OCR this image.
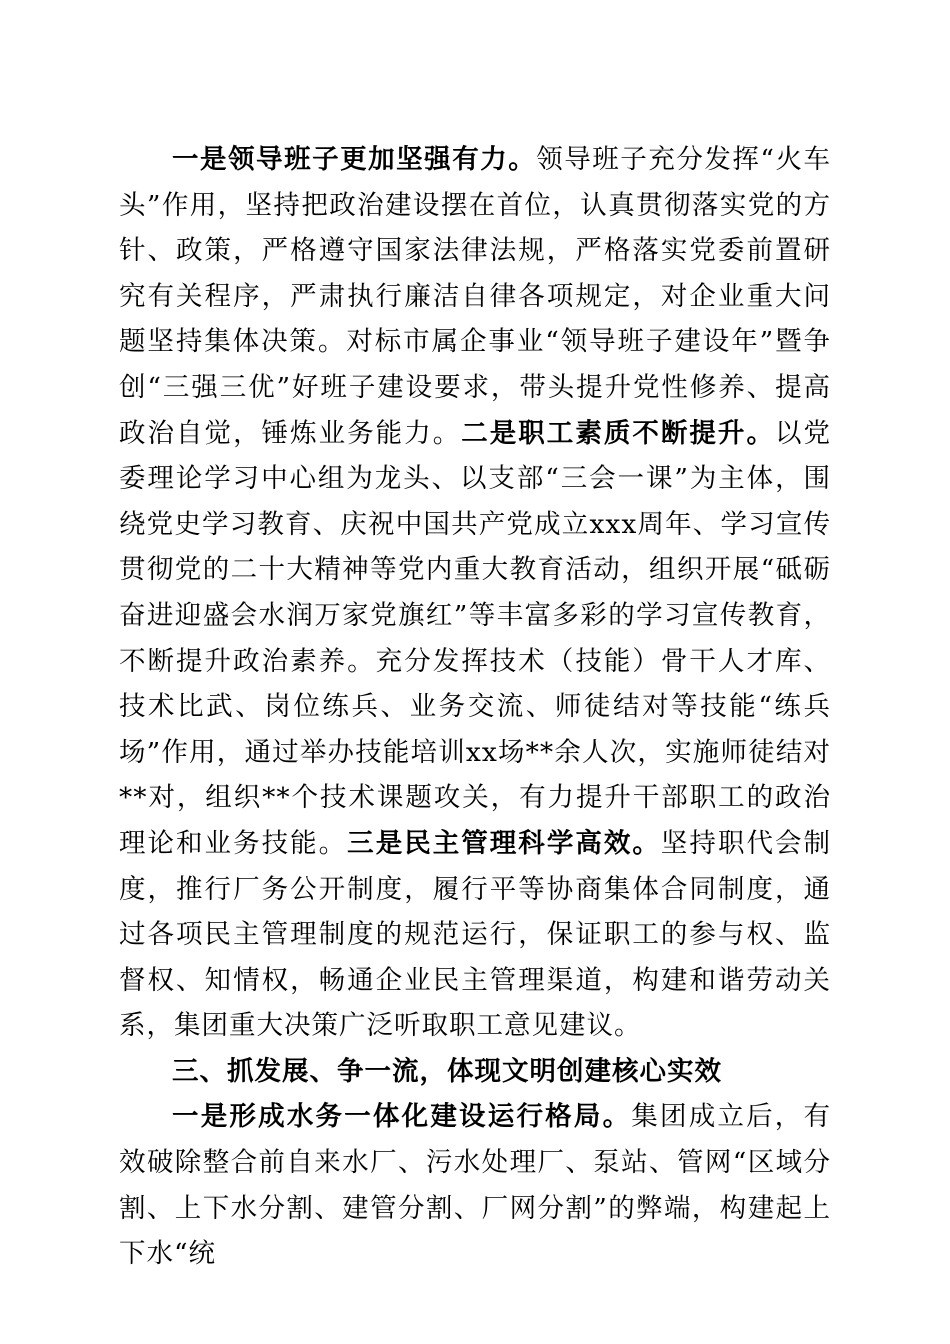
一是领导班子更加坚强有力。领导班子充分发挥“火车头”作用，坚持把政治建设摆在首位，认真贯彻落实党的方针、政策，严格遵守国家法律法规，严格落实党委前置研究有关程序，严肃执行廉洁自律各项规定，对企业重大问题坚持集体决策。对标市属企事业“领导班子建设年”暨争创“三强三优”好班子建设要求，带头提升党性修养、提高政治自觉，锤炼业务能力。二是职工素质不断提升。以党委理论学习中心组为龙头、以支部“三会一课”为主体，围绕党史学习教育、庆祝中国共产党成立xxx周年、学习宣传贯彻党的二十大精神等党内重大教育活动，组织开展“砥砺奋进迎盛会水润万家党旗红”等丰富多彩的学习宣传教育，不断提升政治素养。充分发挥技术（技能）骨干人才库、技术比武、岗位练兵、业务交流、师徒结对等技能“练兵场”作用，通过举办技能培训xx场**余人次，实施师徒结对**对，组织**个技术课题攻关，有力提升干部职工的政治理论和业务技能。三是民主管理科学高效。坚持职代会制度，推行厂务公开制度，履行平等协商集体合同制度，通过各项民主管理制度的规范运行，保证职工的参与权、监督权、知情权，畅通企业民主管理渠道，构建和谐劳动关系，集团重大决策广泛听取职工意见建议。

三、抓发展、争一流，体现文明创建核心实效

一是形成水务一体化建设运行格局。集团成立后，有效破除整合前自来水厂、污水处理厂、泵站、管网“区域分割、上下水分割、建管分割、厂网分割”的弊端，构建起上下水“统
